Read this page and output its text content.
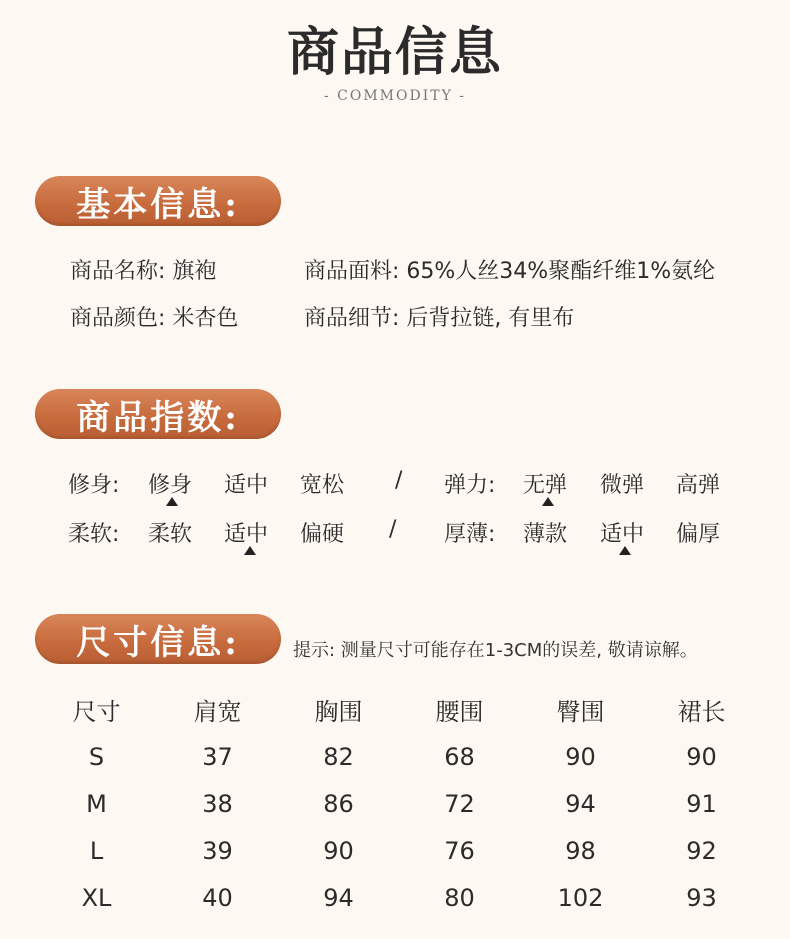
商品信息
- COMMODITY -
基本信息:
商品名称: 旗袍	商品面料: 65%人丝34%聚酯纤维1%氨纶
商品颜色: 米杏色	商品细节: 后背拉链, 有里布
商品指数:
修身: 修身 适中 宽松 / 弹力: 无弹 微弹 高弹
柔软: 柔软 适中 偏硬 / 厚薄: 薄款 适中 偏厚
尺寸信息:	提示: 测量尺寸可能存在1-3CM的误差, 敬请谅解。
尺寸	肩宽	胸围	腰围	臀围	裙长
S	37	82	68	90	90
M	38	86	72	94	91
L	39	90	76	98	92
XL	40	94	80	102	93
